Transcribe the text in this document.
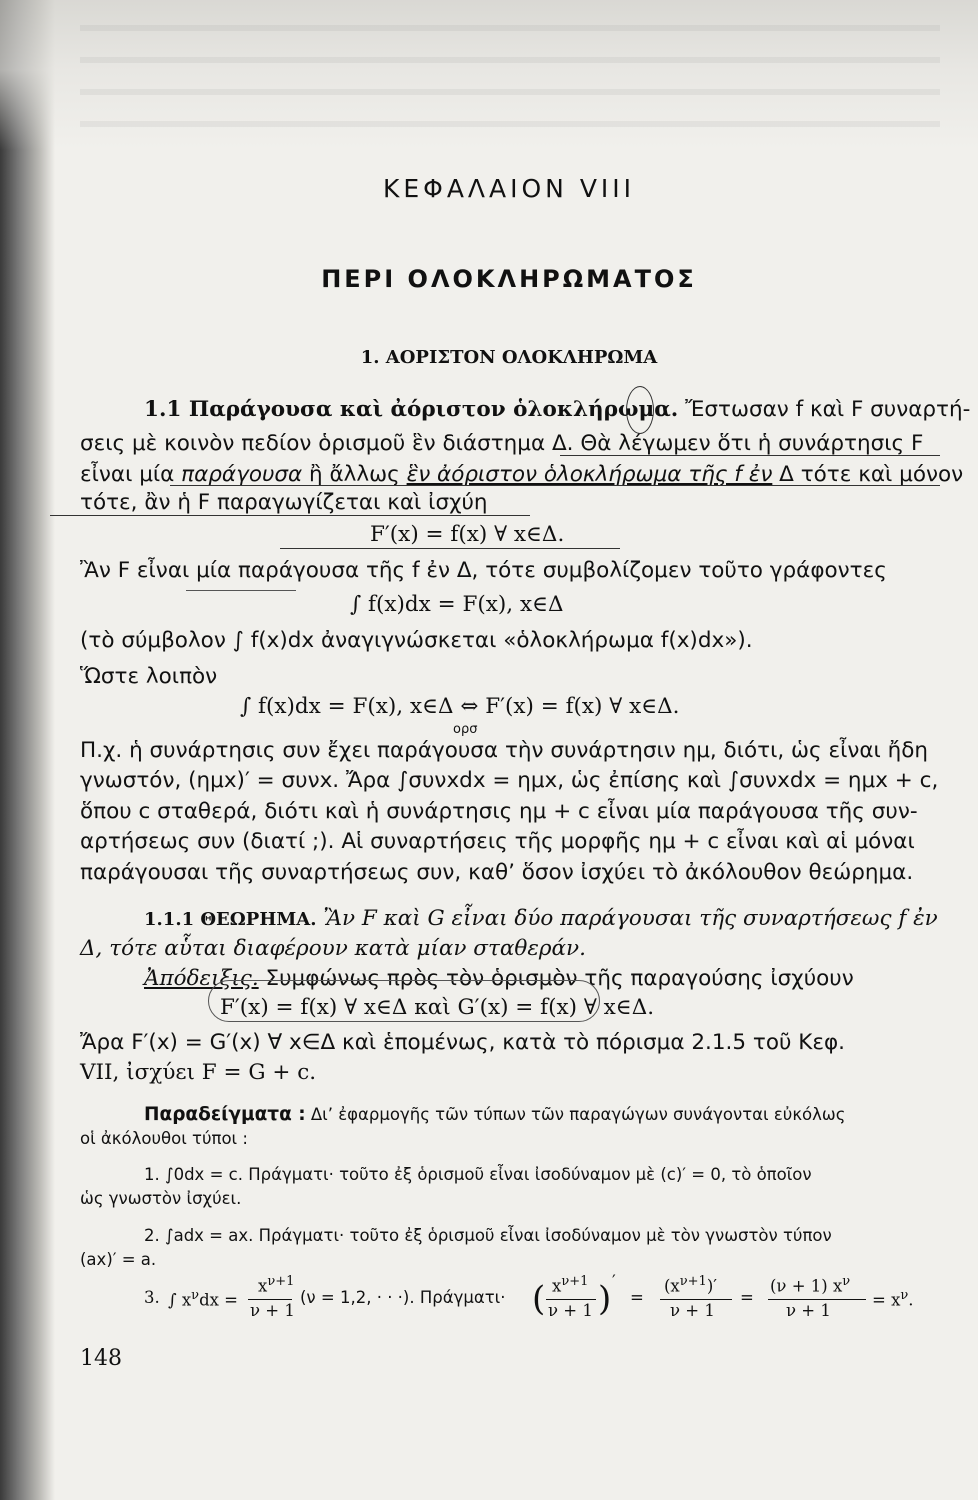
ΚΕΦΑΛΑΙΟΝ VIII
ΠΕΡΙ ΟΛΟΚΛΗΡΩΜΑΤΟΣ
1. ΑΟΡΙΣΤΟΝ ΟΛΟΚΛΗΡΩΜΑ
1.1 Παράγουσα καὶ ἀόριστον ὁλοκλήρωμα. Ἔστωσαν f καὶ F συναρτή-
σεις μὲ κοινὸν πεδίον ὁρισμοῦ ἓν διάστημα Δ. Θὰ λέγωμεν ὅτι ἡ συνάρτησις F
εἶναι μία παράγουσα ἢ ἄλλως ἓν ἀόριστον ὁλοκλήρωμα τῆς f ἐν Δ τότε καὶ μόνον
τότε, ἂν ἡ F παραγωγίζεται καὶ ἰσχύη
F′(x) = f(x) ∀ x∈Δ.
Ἂν F εἶναι μία παράγουσα τῆς f ἐν Δ, τότε συμβολίζομεν τοῦτο γράφοντες
∫ f(x)dx = F(x), x∈Δ
(τὸ σύμβολον ∫ f(x)dx ἀναγιγνώσκεται «ὁλοκλήρωμα f(x)dx»).
Ὥστε λοιπὸν
∫ f(x)dx = F(x), x∈Δ ⇔ F′(x) = f(x) ∀ x∈Δ.
ορσ
Π.χ. ἡ συνάρτησις συν ἔχει παράγουσα τὴν συνάρτησιν ημ, διότι, ὡς εἶναι ἤδη
γνωστόν, (ημx)′ = συνx. Ἄρα ∫συνxdx = ημx, ὡς ἐπίσης καὶ ∫συνxdx = ημx + c,
ὅπου c σταθερά, διότι καὶ ἡ συνάρτησις ημ + c εἶναι μία παράγουσα τῆς συν-
αρτήσεως συν (διατί ;). Αἱ συναρτήσεις τῆς μορφῆς ημ + c εἶναι καὶ αἱ μόναι
παράγουσαι τῆς συναρτήσεως συν, καθ’ ὅσον ἰσχύει τὸ ἀκόλουθον θεώρημα.
1.1.1 ΘΕΩΡΗΜΑ. Ἂν F καὶ G εἶναι δύο παράγουσαι τῆς συναρτήσεως f ἐν
Δ, τότε αὗται διαφέρουν κατὰ μίαν σταθεράν.
Ἀπόδειξις. Συμφώνως πρὸς τὸν ὁρισμὸν τῆς παραγούσης ἰσχύουν
F′(x) = f(x) ∀ x∈Δ καὶ G′(x) = f(x) ∀ x∈Δ.
Ἄρα F′(x) = G′(x) ∀ x∈Δ καὶ ἑπομένως, κατὰ τὸ πόρισμα 2.1.5 τοῦ Κεφ.
VII, ἰσχύει F = G + c.
Παραδείγματα : Δι’ ἐφαρμογῆς τῶν τύπων τῶν παραγώγων συνάγονται εὐκόλως
οἱ ἀκόλουθοι τύποι :
1. ∫0dx = c. Πράγματι· τοῦτο ἐξ ὁρισμοῦ εἶναι ἰσοδύναμον μὲ (c)′ = 0, τὸ ὁποῖον
ὡς γνωστὸν ἰσχύει.
2. ∫adx = ax. Πράγματι· τοῦτο ἐξ ὁρισμοῦ εἶναι ἰσοδύναμον μὲ τὸν γνωστὸν τύπον
(ax)′ = a.
3. ∫ $x^\nu dx$ =
$x^{\nu+1}$
ν + 1
(ν = 1,2, · · ·). Πράγματι· ( $x^{\nu+1}$
ν + 1 ) ′
=
$(x^{\nu+1})'$
ν + 1
=
(ν + 1) $x^\nu$
ν + 1
= $x^\nu$.
148
